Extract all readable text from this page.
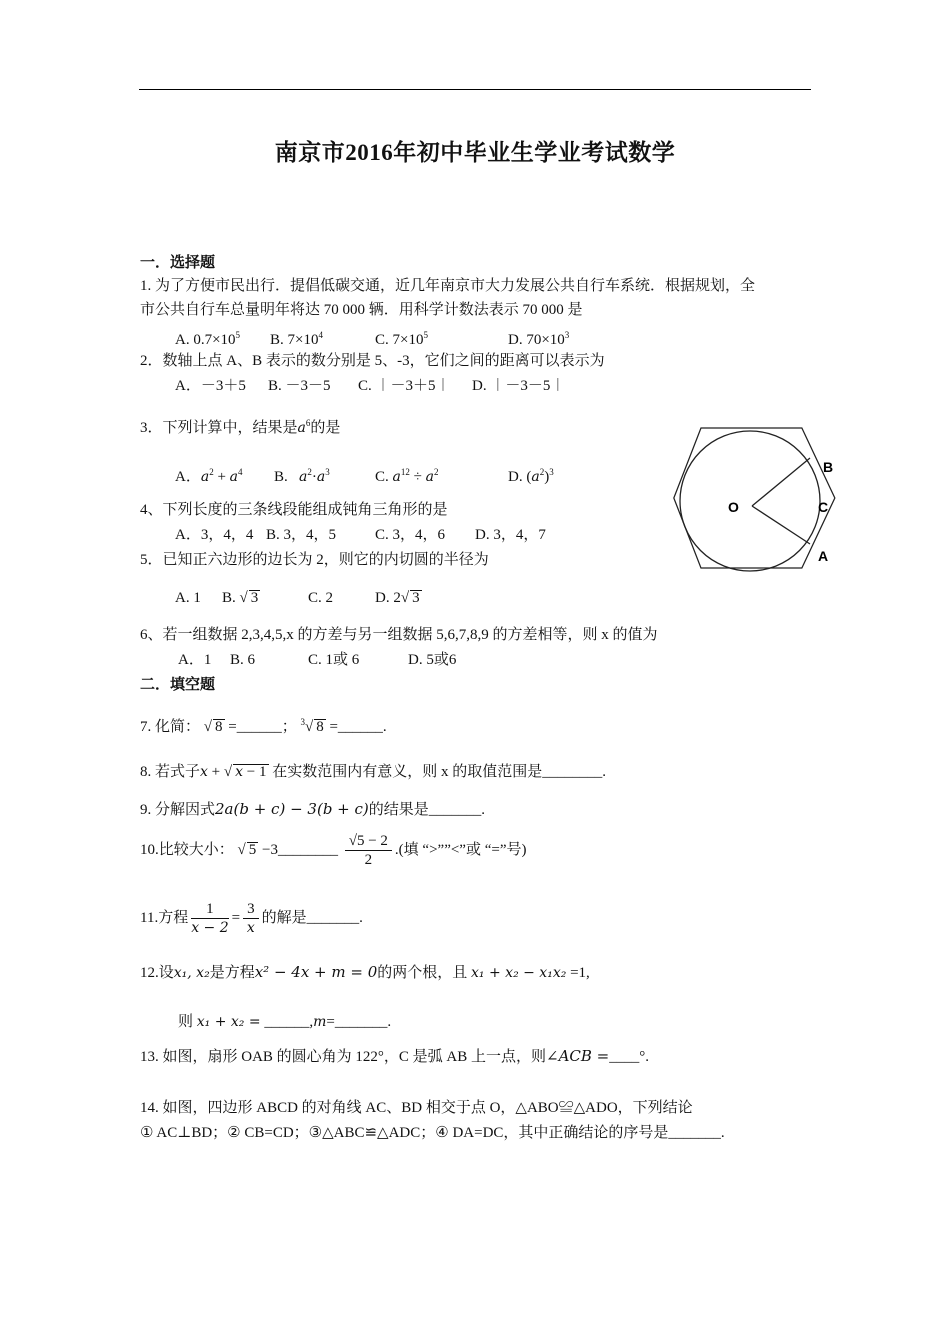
南京市2016年初中毕业生学业考试数学
一．选择题
1. 为了方便市民出行．提倡低碳交通，近几年南京市大力发展公共自行车系统．根据规划，全
市公共自行车总量明年将达 70 000 辆．用科学计数法表示 70 000 是
A. $0.7\times 10^5$ B. $7\times 10^4$	C. $7\times 10^5$	D. $70\times 10^3$
2．数轴上点 A、B 表示的数分别是 5、-3，它们之间的距离可以表示为
A．－3＋5 B. －3－5 C. ︱－3＋5︱ D. ︱－3－5︱
3．下列计算中，结果是$a^6$的是
A．$a^2 + a^4$ B. $a^2\cdot a^3$	C. $a^{12} \div a^2$	D. $(a^2)^3$
4、下列长度的三条线段能组成钝角三角形的是
A．3，4，4 B. 3，4，5	C. 3，4，6 D. 3，4，7
5．已知正六边形的边长为 2，则它的内切圆的半径为
A. 1 B. √ 3	C. 2	D. 2√ 3
6、若一组数据 2,3,4,5,x 的方差与另一组数据 5,6,7,8,9 的方差相等，则 x 的值为
A．1 B. 6	C. 1或 6	D. 5或6
二．填空题
7. 化简： √ 8 =______； $^3$√ 8 =______.
8. 若式子x + √ x − 1 在实数范围内有意义，则 x 的取值范围是________.
9. 分解因式2a(b + c) − 3(b + c)的结果是_______.
10.比较大小： √ 5 −3________ $\frac{√5 - 2}{2}$ .(填 “>””<”或 “=”号)
11.方程 $\frac{1}{x - 2} = \frac{3}{x}$ 的解是_______.
12.设x₁, x₂是方程x² − 4x + m = 0的两个根，且 x₁ + x₂ − x₁x₂ =1,
则 x₁ + x₂ = ______,m=_______.
13. 如图，扇形 OAB 的圆心角为 122°，C 是弧 AB 上一点，则∠ACB =____°.
14. 如图，四边形 ABCD 的对角线 AC、BD 相交于点 O，△ABO≌△ADO，下列结论
① AC⊥BD；② CB=CD；③△ABC≌△ADC；④ DA=DC，其中正确结论的序号是_______.
O
B
C
A
